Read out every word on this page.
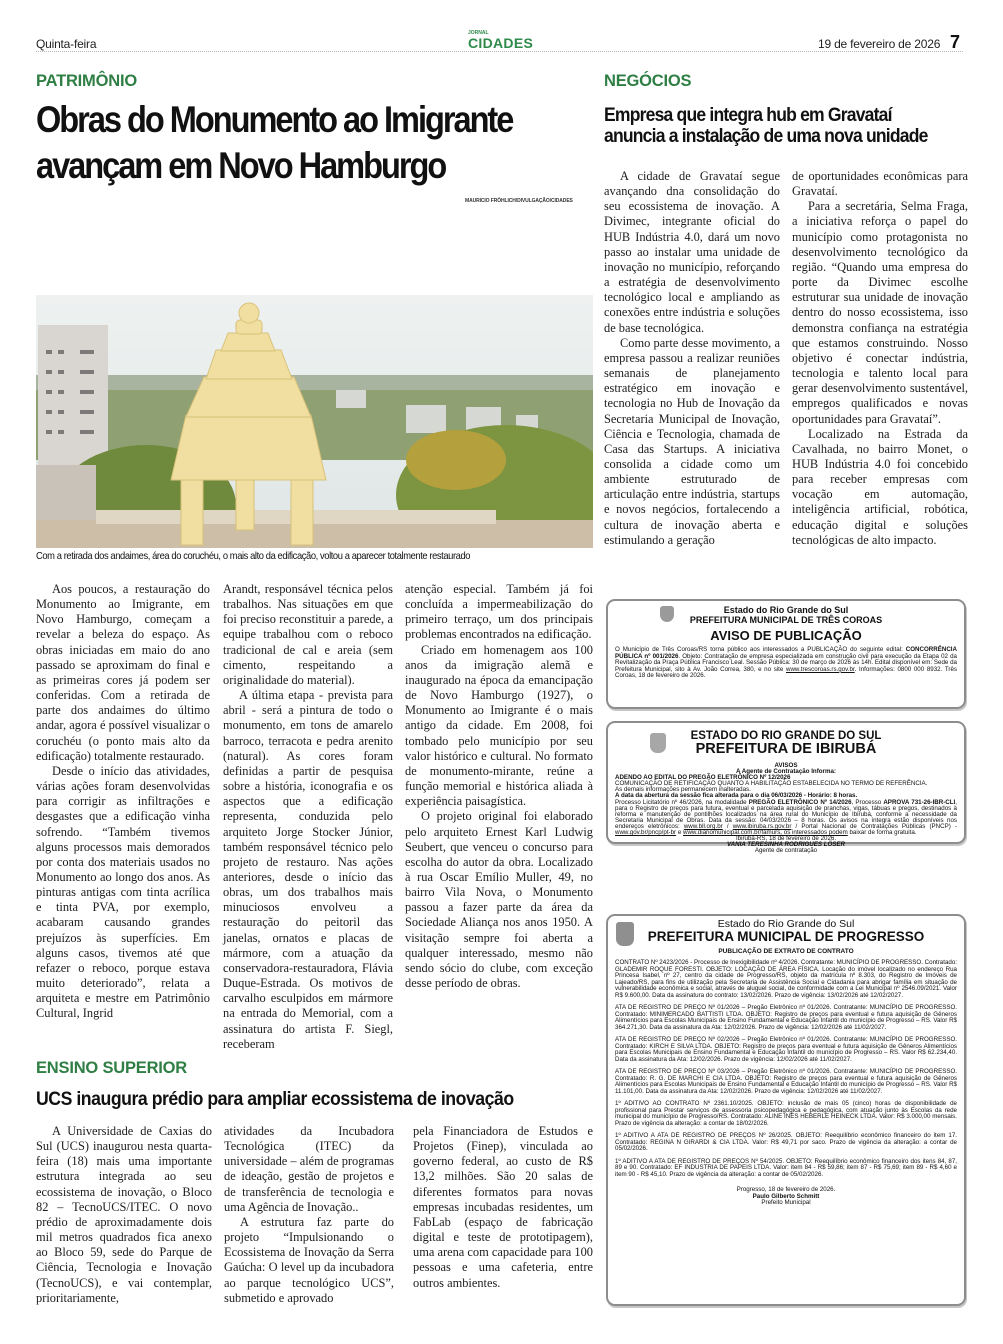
Quinta-feira
JORNAL
CIDADES	19 de fevereiro de 2026 7
PATRIMÔNIO
Obras do Monumento ao Imigrante
avançam em Novo Hamburgo
MAURICIO FRÖHLICH/DIVULGAÇÃO/CIDADES
Com a retirada dos andaimes, área do coruchéu, o mais alto da edificação, voltou a aparecer totalmente restaurado

Aos poucos, a restauração do Monumento ao Imigrante, em Novo Hamburgo, começam a revelar a beleza do espaço. As obras iniciadas em maio do ano passado se aproximam do final e as primeiras cores já podem ser conferidas. Com a retirada de parte dos andaimes do último andar, agora é possível visualizar o coruchéu (o ponto mais alto da edificação) totalmente restaurado.

Desde o início das atividades, várias ações foram desenvolvidas para corrigir as infiltrações e desgastes que a edificação vinha sofrendo. “Também tivemos alguns processos mais demorados por conta dos materiais usados no Monumento ao longo dos anos. As pinturas antigas com tinta acrílica e tinta PVA, por exemplo, acabaram causando grandes prejuízos às superfícies. Em alguns casos, tivemos até que refazer o reboco, porque estava muito deteriorado”, relata a arquiteta e mestre em Patrimônio Cultural, Ingrid

Arandt, responsável técnica pelos trabalhos. Nas situações em que foi preciso reconstituir a parede, a equipe trabalhou com o reboco tradicional de cal e areia (sem cimento, respeitando a originalidade do material).

A última etapa - prevista para abril - será a pintura de todo o monumento, em tons de amarelo barroco, terracota e pedra arenito (natural). As cores foram definidas a partir de pesquisa sobre a história, iconografia e os aspectos que a edificação representa, conduzida pelo arquiteto Jorge Stocker Júnior, também responsável técnico pelo projeto de restauro. Nas ações anteriores, desde o início das obras, um dos trabalhos mais minuciosos envolveu a restauração do peitoril das janelas, ornatos e placas de mármore, com a atuação da conservadora-restauradora, Flávia Duque-Estrada. Os motivos de carvalho esculpidos em mármore na entrada do Memorial, com a assinatura do artista F. Siegl, receberam

atenção especial. Também já foi concluída a impermeabilização do primeiro terraço, um dos principais problemas encontrados na edificação.

Criado em homenagem aos 100 anos da imigração alemã e inaugurado na época da emancipação de Novo Hamburgo (1927), o Monumento ao Imigrante é o mais antigo da cidade. Em 2008, foi tombado pelo município por seu valor histórico e cultural. No formato de monumento-mirante, reúne a função memorial e histórica aliada à experiência paisagística.

O projeto original foi elaborado pelo arquiteto Ernest Karl Ludwig Seubert, que venceu o concurso para escolha do autor da obra. Localizado à rua Oscar Emílio Muller, 49, no bairro Vila Nova, o Monumento passou a fazer parte da área da Sociedade Aliança nos anos 1950. A visitação sempre foi aberta a qualquer interessado, mesmo não sendo sócio do clube, com exceção desse período de obras.

NEGÓCIOS
Empresa que integra hub em Gravataí
anuncia a instalação de uma nova unidade

A cidade de Gravataí segue avançando dna consolidação do seu ecossistema de inovação. A Divimec, integrante oficial do HUB Indústria 4.0, dará um novo passo ao instalar uma unidade de inovação no município, reforçando a estratégia de desenvolvimento tecnológico local e ampliando as conexões entre indústria e soluções de base tecnológica.

Como parte desse movimento, a empresa passou a realizar reuniões semanais de planejamento estratégico em inovação e tecnologia no Hub de Inovação da Secretaria Municipal de Inovação, Ciência e Tecnologia, chamada de Casa das Startups. A iniciativa consolida a cidade como um ambiente estruturado de articulação entre indústria, startups e novos negócios, fortalecendo a cultura de inovação aberta e estimulando a geração

de oportunidades econômicas para Gravataí.

Para a secretária, Selma Fraga, a iniciativa reforça o papel do município como protagonista no desenvolvimento tecnológico da região. “Quando uma empresa do porte da Divimec escolhe estruturar sua unidade de inovação dentro do nosso ecossistema, isso demonstra confiança na estratégia que estamos construindo. Nosso objetivo é conectar indústria, tecnologia e talento local para gerar desenvolvimento sustentável, empregos qualificados e novas oportunidades para Gravataí”.

Localizado na Estrada da Cavalhada, no bairro Monet, o HUB Indústria 4.0 foi concebido para receber empresas com vocação em automação, inteligência artificial, robótica, educação digital e soluções tecnológicas de alto impacto.

Estado do Rio Grande do Sul
PREFEITURA MUNICIPAL DE TRÊS COROAS
AVISO DE PUBLICAÇÃO
O Município de Três Coroas/RS torna público aos interessados a PUBLICAÇÃO do seguinte edital: CONCORRÊNCIA PÚBLICA nº 001/2026. Objeto: Contratação de empresa especializada em construção civil para execução da Etapa 02 da Revitalização da Praça Pública Francisco Leal. Sessão Pública: 30 de março de 2026 às 14h. Edital disponível em: Sede da Prefeitura Municipal, sito à Av. João Correa, 380, e no site www.trescoroas.rs.gov.br. Informações: 0800 000 8932. Três Coroas, 18 de fevereiro de 2026.
ESTADO DO RIO GRANDE DO SUL
PREFEITURA DE IBIRUBÁ
AVISOS
A Agente de Contratação Informa:
ADENDO AO EDITAL DO PREGÃO ELETRÔNICO Nº 12/2026
COMUNICAÇÃO DE RETIFICAÇÃO QUANTO A HABILITAÇÃO ESTABELECIDA NO TERMO DE REFERÊNCIA.
As demais informações permanecem inalteradas.
A data da abertura da sessão fica alterada para o dia 06/03/2026 - Horário: 8 horas.
Processo Licitatório nº 46/2026, na modalidade PREGÃO ELETRÔNICO Nº 14/2026, Processo APROVA 731-26-IBR-CLI, para o Registro de preços para futura, eventual e parcelada aquisição de pranchas, vigas, tábuas e pregos, destinados à reforma e manutenção de pontilhões localizados na área rural do Município de Ibirubá, conforme a necessidade da Secretaria Municipal de Obras. Data da sessão: 04/03/2026 – 8 horas. Os avisos na íntegra estão disponíveis nos endereços eletrônicos: www.bll.org.br / www.ibiruba.rs.gov.br / Portal Nacional de Contratações Públicas (PNCP) - www.gov.br/pncp/pt-br e www.diariomunicipal.com.br/famurs, os interessados podem baixar de forma gratuita.
Ibirubá-RS, 18 de fevereiro de 2026.
VANIA TERESINHA RODRIGUES LÖSER
Agente de contratação
Estado do Rio Grande do Sul
PREFEITURA MUNICIPAL DE PROGRESSO
PUBLICAÇÃO DE EXTRATO DE CONTRATO

CONTRATO Nº 2423/2026 - Processo de Inexigibilidade nº 4/2026. Contratante: MUNICÍPIO DE PROGRESSO. Contratado: GLADEMIR ROQUE FORESTI. OBJETO: LOCAÇÃO DE ÁREA FÍSICA. Locação do imóvel localizado no endereço Rua Princesa Isabel, nº 27, centro da cidade de Progresso/RS, objeto da matrícula nº 8.303, do Registro de Imóveis de Lajeado/RS, para fins de utilização pela Secretaria de Assistência Social e Cidadania para abrigar família em situação de vulnerabilidade econômica e social, através de aluguel social, de conformidade com a Lei Municipal nº 2546.09/2021. Valor R$ 9.600,00. Data da assinatura do contrato: 13/02/2026. Prazo de vigência: 13/02/2026 até 12/02/2027.

ATA DE REGISTRO DE PREÇO Nº 01/2026 – Pregão Eletrônico nº 01/2026. Contratante: MUNICÍPIO DE PROGRESSO. Contratado: MINIMERCADO BATTISTI LTDA. OBJETO: Registro de preços para eventual e futura aquisição de Gêneros Alimentícios para Escolas Municipais de Ensino Fundamental e Educação Infantil do município de Progresso – RS. Valor R$ 364.271,30. Data da assinatura da Ata: 12/02/2026. Prazo de vigência: 12/02/2026 até 11/02/2027.

ATA DE REGISTRO DE PREÇO Nº 02/2026 – Pregão Eletrônico nº 01/2026. Contratante: MUNICÍPIO DE PROGRESSO. Contratado: KIRCH E SILVA LTDA. OBJETO: Registro de preços para eventual e futura aquisição de Gêneros Alimentícios para Escolas Municipais de Ensino Fundamental e Educação Infantil do município de Progresso – RS. Valor R$ 62.234,40. Data da assinatura da Ata: 12/02/2026. Prazo de vigência: 12/02/2026 até 11/02/2027.

ATA DE REGISTRO DE PREÇO Nº 03/2026 – Pregão Eletrônico nº 01/2026. Contratante: MUNICÍPIO DE PROGRESSO. Contratado: R. G. DE MARCHI E CIA LTDA. OBJETO: Registro de preços para eventual e futura aquisição de Gêneros Alimentícios para Escolas Municipais de Ensino Fundamental e Educação Infantil do município de Progresso – RS. Valor R$ 11.101,00. Data da assinatura da Ata: 12/02/2026. Prazo de vigência: 12/02/2026 até 11/02/2027.

1º ADITIVO AO CONTRATO Nº 2361.10/2025. OBJETO: inclusão de mais 05 (cinco) horas de disponibilidade de profissional para Prestar serviços de assessoria psicopedagógica e pedagógica, com atuação junto às Escolas da rede municipal do município de Progresso/RS. Contratado: ALINE INES HEBERLE HEINECK LTDA. Valor: R$ 3.000,00 mensais. Prazo de vigência da alteração: a contar de 18/02/2026.

1º ADITIVO A ATA DE REGISTRO DE PREÇOS Nº 26/2025. OBJETO: Reequilíbrio econômico financeiro do item 17. Contratado: REGINA N GIRARDI & CIA LTDA. Valor: R$ 49,71 por saco. Prazo de vigência da alteração: a contar de 05/02/2026.

1º ADITIVO A ATA DE REGISTRO DE PREÇOS Nº 54/2025. OBJETO: Reequilíbrio econômico financeiro dos itens 84, 87, 89 e 90. Contratado: EF INDUSTRIA DE PAPEIS LTDA. Valor: item 84 - R$ 59,86; item 87 - R$ 75,69; item 89 - R$ 4,60 e item 90 - R$ 45,10. Prazo de vigência da alteração: a contar de 05/02/2026.

Progresso, 18 de fevereiro de 2026.
Paulo Gilberto Schmitt
Prefeito Municipal
ENSINO SUPERIOR
UCS inaugura prédio para ampliar ecossistema de inovação

A Universidade de Caxias do Sul (UCS) inaugurou nesta quarta-feira (18) mais uma importante estrutura integrada ao seu ecossistema de inovação, o Bloco 82 – TecnoUCS/ITEC. O novo prédio de aproximadamente dois mil metros quadrados fica anexo ao Bloco 59, sede do Parque de Ciência, Tecnologia e Inovação (TecnoUCS), e vai contemplar, prioritariamente,

atividades da Incubadora Tecnológica (ITEC) da universidade – além de programas de ideação, gestão de projetos e de transferência de tecnologia e uma Agência de Inovação..

A estrutura faz parte do projeto “Impulsionando o Ecossistema de Inovação da Serra Gaúcha: O level up da incubadora ao parque tecnológico UCS”, submetido e aprovado

pela Financiadora de Estudos e Projetos (Finep), vinculada ao governo federal, ao custo de R$ 13,2 milhões. São 20 salas de diferentes formatos para novas empresas incubadas residentes, um FabLab (espaço de fabricação digital e teste de prototipagem), uma arena com capacidade para 100 pessoas e uma cafeteria, entre outros ambientes.
